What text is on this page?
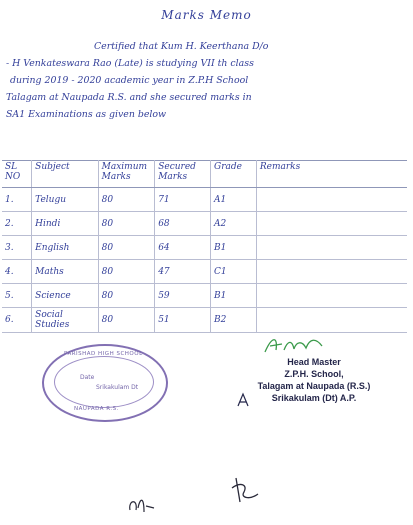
Marks Memo
Certified that Kum H. Keerthana D/o
- H Venkateswara Rao (Late) is studying VII th class
during 2019 - 2020 academic year in Z.P.H School
Talagam at Naupada R.S. and she secured marks in
SA1 Examinations as given below
SL NO	Subject	Maximum Marks	Secured Marks	Grade	Remarks
1.	Telugu	80	71	A1	
2.	Hindi	80	68	A2	
3.	English	80	64	B1	
4.	Maths	80	47	C1	
5.	Science	80	59	B1	
6.	Social Studies	80	51	B2	
PARISHAD HIGH SCHOOL
Date
Srikakulam Dt
NAUPADA R.S.
Head Master
Z.P.H. School,
Talagam at Naupada (R.S.)
Srikakulam (Dt) A.P.
